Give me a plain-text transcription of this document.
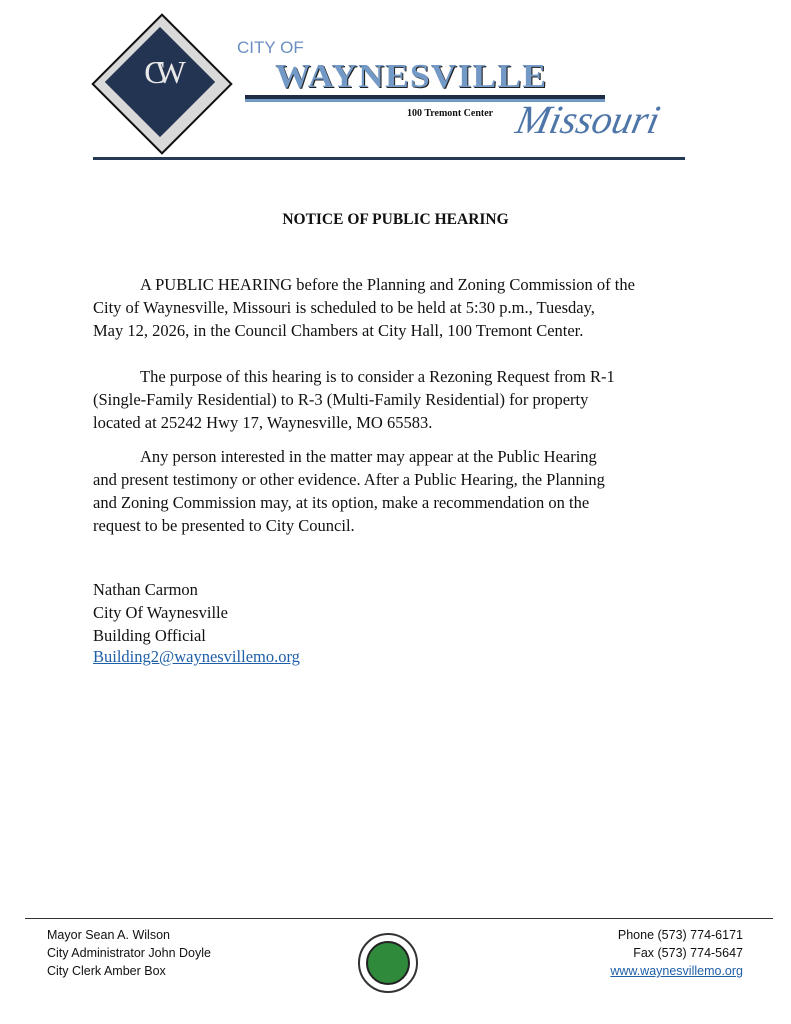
CW
CITY OF
WAYNESVILLE
100 Tremont Center Missouri
NOTICE OF PUBLIC HEARING
A PUBLIC HEARING before the Planning and Zoning Commission of the
City of Waynesville, Missouri is scheduled to be held at 5:30 p.m., Tuesday,
May 12, 2026, in the Council Chambers at City Hall, 100 Tremont Center.
The purpose of this hearing is to consider a Rezoning Request from R-1
(Single-Family Residential) to R-3 (Multi-Family Residential) for property
located at 25242 Hwy 17, Waynesville, MO 65583.
Any person interested in the matter may appear at the Public Hearing
and present testimony or other evidence. After a Public Hearing, the Planning
and Zoning Commission may, at its option, make a recommendation on the
request to be presented to City Council.
Nathan Carmon
City Of Waynesville
Building Official
Building2@waynesvillemo.org
Mayor Sean A. Wilson
City Administrator John Doyle
City Clerk Amber Box
Phone (573) 774-6171
Fax (573) 774-5647
www.waynesvillemo.org
